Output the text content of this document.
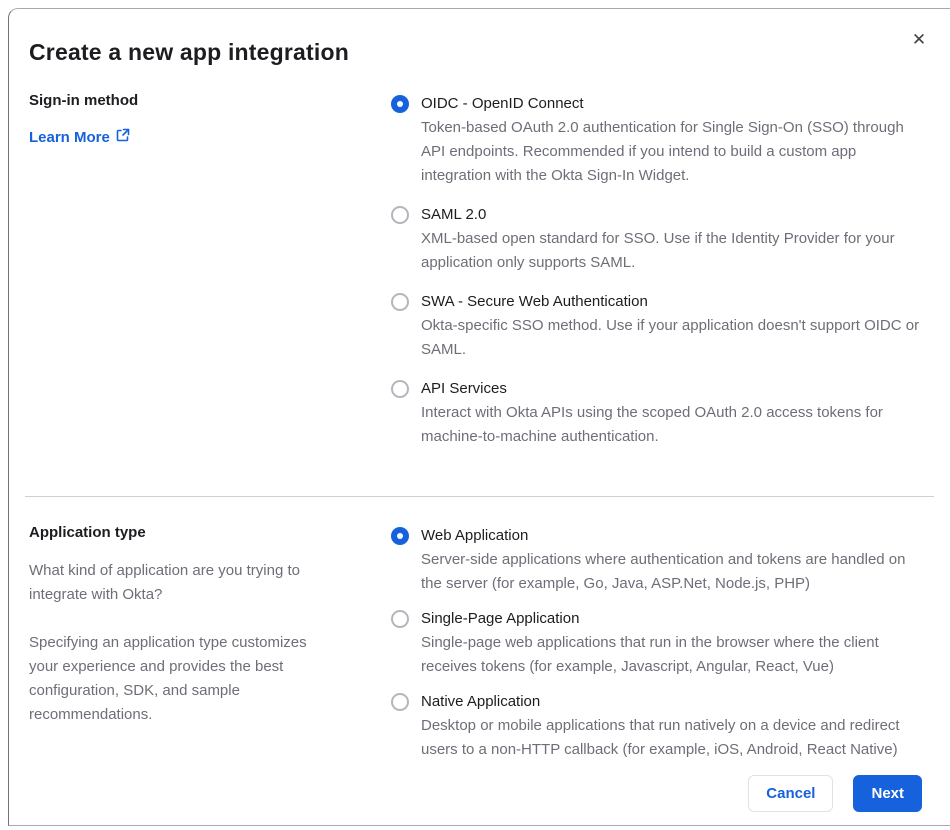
✕
Create a new app integration
Sign-in method
Learn More
OIDC - OpenID Connect
Token-based OAuth 2.0 authentication for Single Sign-On (SSO) through API endpoints. Recommended if you intend to build a custom app integration with the Okta Sign-In Widget.
SAML 2.0
XML-based open standard for SSO. Use if the Identity Provider for your application only supports SAML.
SWA - Secure Web Authentication
Okta-specific SSO method. Use if your application doesn't support OIDC or SAML.
API Services
Interact with Okta APIs using the scoped OAuth 2.0 access tokens for machine-to-machine authentication.
Application type

What kind of application are you trying to integrate with Okta?

Specifying an application type customizes your experience and provides the best configuration, SDK, and sample recommendations.

Web Application
Server-side applications where authentication and tokens are handled on the server (for example, Go, Java, ASP.Net, Node.js, PHP)
Single-Page Application
Single-page web applications that run in the browser where the client receives tokens (for example, Javascript, Angular, React, Vue)
Native Application
Desktop or mobile applications that run natively on a device and redirect users to a non-HTTP callback (for example, iOS, Android, React Native)
Cancel	Next
